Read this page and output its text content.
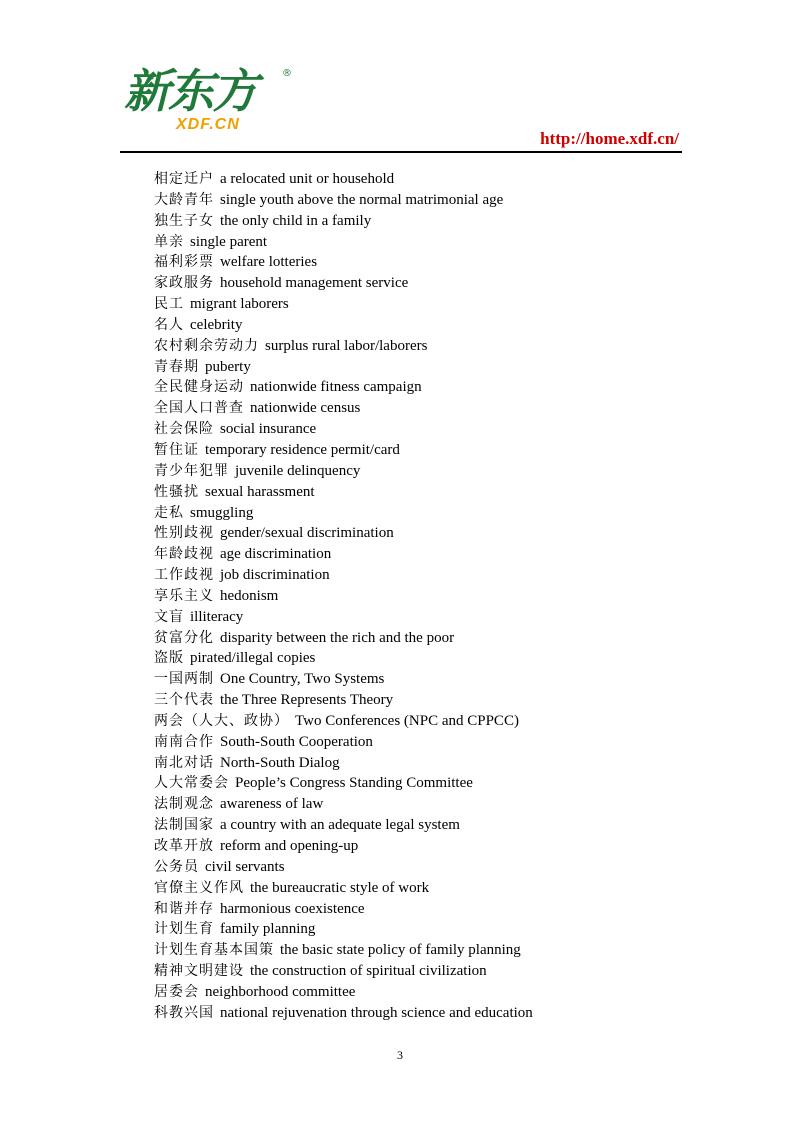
新东方	®
XDF.CN
http://home.xdf.cn/
相定迁户 a relocated unit or household
大龄青年 single youth above the normal matrimonial age
独生子女 the only child in a family
单亲 single parent
福利彩票 welfare lotteries
家政服务 household management service
民工 migrant laborers
名人 celebrity
农村剩余劳动力 surplus rural labor/laborers
青春期 puberty
全民健身运动 nationwide fitness campaign
全国人口普查 nationwide census
社会保险 social insurance
暂住证 temporary residence permit/card
青少年犯罪 juvenile delinquency
性骚扰 sexual harassment
走私 smuggling
性别歧视 gender/sexual discrimination
年龄歧视 age discrimination
工作歧视 job discrimination
享乐主义 hedonism
文盲 illiteracy
贫富分化 disparity between the rich and the poor
盗版 pirated/illegal copies
一国两制 One Country, Two Systems
三个代表 the Three Represents Theory
两会（人大、政协） Two Conferences (NPC and CPPCC)
南南合作 South-South Cooperation
南北对话 North-South Dialog
人大常委会 People’s Congress Standing Committee
法制观念 awareness of law
法制国家 a country with an adequate legal system
改革开放 reform and opening-up
公务员 civil servants
官僚主义作风 the bureaucratic style of work
和谐并存 harmonious coexistence
计划生育 family planning
计划生育基本国策 the basic state policy of family planning
精神文明建设 the construction of spiritual civilization
居委会 neighborhood committee
科教兴国 national rejuvenation through science and education
3
